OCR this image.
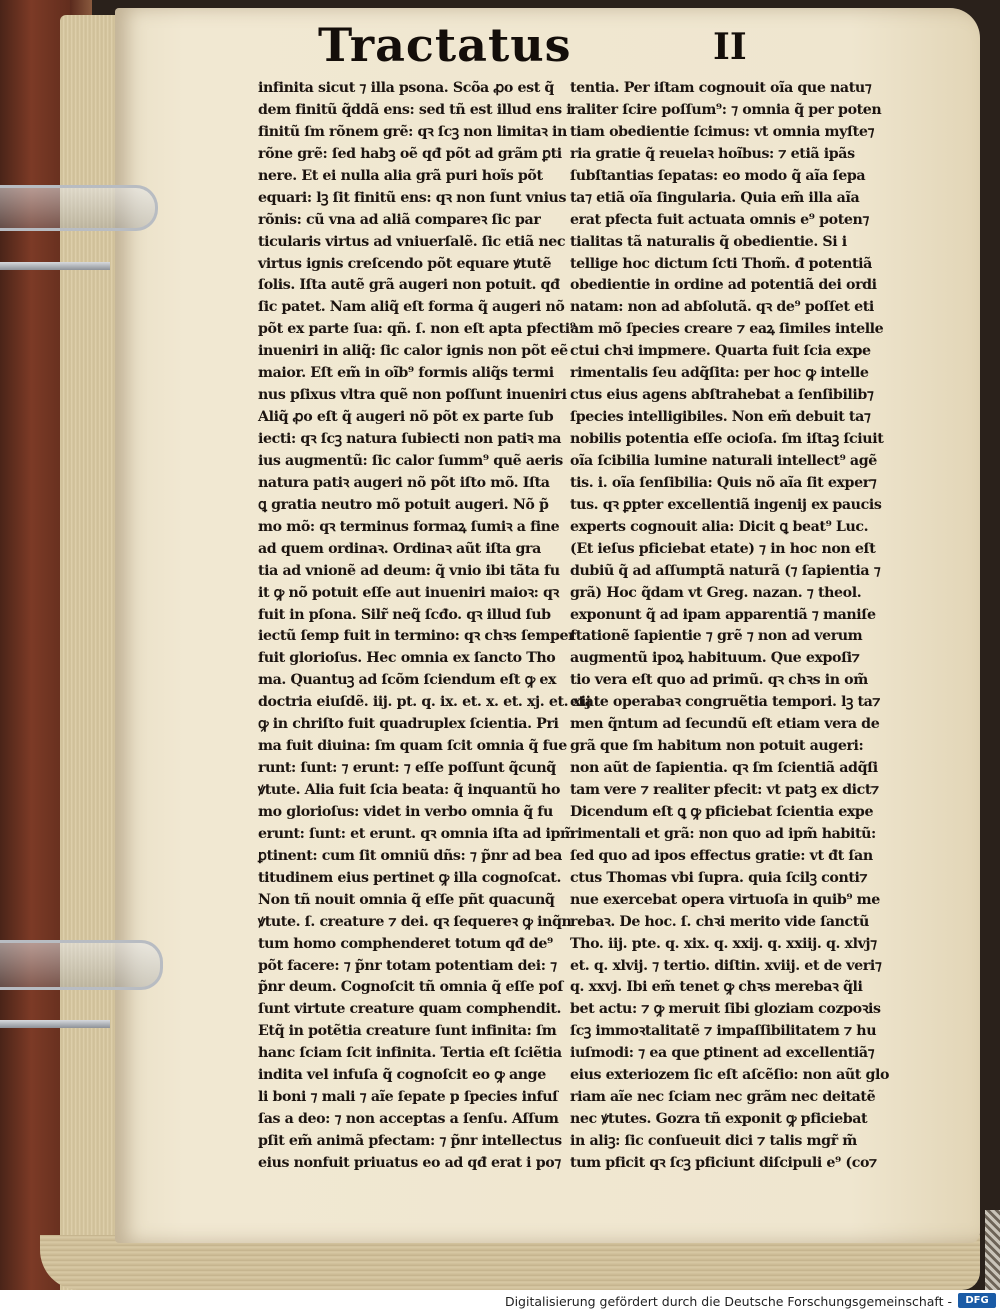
Tractatus	II
infinita sicut ⁊ illa psona. Scõa ꝓo est q̃
dem finitũ q̃ddã ens: sed tñ est illud ens i
finitũ ſm rõnem grẽ: qꝛ ſcꝫ non limitaꝛ in
rõne grẽ: ſed habꝫ oẽ qđ põt ad grãm ꝑti
nere. Et ei nulla alia grã puri hoĩs põt
equari: lꝫ ſit finitũ ens: qꝛ non ſunt vnius
rõnis: cũ vna ad aliã compareꝛ ſic par
ticularis virtus ad vniuerſalẽ. ſic etiã nec
virtus ignis creſcendo põt equare ꝟtutẽ
ſolis. Iſta autẽ grã augeri non potuit. qđ
ſic patet. Nam aliq̃ eſt forma q̃ augeri nõ
põt ex parte ſua: qñ. ſ. non eſt apta pfecti⁹
inueniri in aliq̃: ſic calor ignis non põt eẽ
maior. Eſt em̃ in oĩb⁹ formis aliq̃s termi
nus pſixus vltra quẽ non poſſunt inueniri
Aliq̃ ꝓo eſt q̃ augeri nõ põt ex parte ſub
iecti: qꝛ ſcꝫ natura ſubiecti non patiꝛ ma
ius augmentũ: ſic calor ſumm⁹ quẽ aeris
natura patiꝛ augeri nõ põt iſto mõ. Iſta
ꝗ gratia neutro mõ potuit augeri. Nõ p̃
mo mõ: qꝛ terminus formaꝝ ſumiꝛ a fine
ad quem ordinaꝛ. Ordinaꝛ aũt iſta gra
tia ad vnionẽ ad deum: q̃ vnio ibi tãta fu
it ꝙ nõ potuit eſſe aut inueniri maioꝛ: qꝛ
fuit in pſona. Silr̃ neq̃ ſcđo. qꝛ illud ſub
iectũ ſemp fuit in termino: qꝛ chꝛs ſemper
fuit glorioſus. Hec omnia ex ſancto Tho
ma. Quantuꝫ ad ſcõm ſciendum eſt ꝙ ex
doctria eiuſdẽ. iij. pt. q. ix. et. x. et. xj. et. xij
ꝙ in chriſto fuit quadruplex ſcientia. Pri
ma fuit diuina: ſm quam ſcit omnia q̃ fue
runt: ſunt: ⁊ erunt: ⁊ eſſe poſſunt q̃cunq̃
ꝟtute. Alia fuit ſcia beata: q̃ inquantũ ho
mo glorioſus: videt in verbo omnia q̃ fu
erunt: ſunt: et erunt. qꝛ omnia iſta ad ipm̃
ꝑtinent: cum ſit omniũ dñs: ⁊ p̃nr ad bea
titudinem eius pertinet ꝙ illa cognoſcat.
Non tñ nouit omnia q̃ eſſe pñt quacunq̃
ꝟtute. ſ. creature ⁊ dei. qꝛ ſequereꝛ ꝙ inq̃n
tum homo comphenderet totum qđ de⁹
põt facere: ⁊ p̃nr totam potentiam dei: ⁊
p̃nr deum. Cognoſcit tñ omnia q̃ eſſe poſ
ſunt virtute creature quam comphendit.
Etq̃ in potẽtia creature ſunt infinita: ſm
hanc ſciam ſcit infinita. Tertia eſt ſciẽtia
indita vel infuſa q̃ cognoſcit eo ꝙ ange
li boni ⁊ mali ⁊ aĩe ſepate p ſpecies infuſ
ſas a deo: ⁊ non acceptas a ſenſu. Aſſum
pſit em̃ animã pfectam: ⁊ p̃nr intellectus
eius nonfuit priuatus eo ad qđ erat i po⁊
tentia. Per iſtam cognouit oĩa que natu⁊
raliter ſcire poſſum⁹: ⁊ omnia q̃ per poten
tiam obedientie ſcimus: vt omnia myſte⁊
ria gratie q̃ reuelaꝛ hoĩbus: ⁊ etiã ipãs
ſubſtantias ſepatas: eo modo q̃ aĩa ſepa
ta⁊ etiã oĩa ſingularia. Quia em̃ illa aĩa
erat pfecta fuit actuata omnis e⁹ poten⁊
tialitas tã naturalis q̃ obedientie. Si i
tellige hoc dictum ſcti Thom̃. đ potentiã
obedientie in ordine ad potentiã dei ordi
natam: non ad abſolutã. qꝛ de⁹ poſſet eti
am mõ ſpecies creare ⁊ eaꝝ ſimiles intelle
ctui chꝛi impmere. Quarta fuit ſcia expe
rimentalis ſeu adq̃ſita: per hoc ꝙ intelle
ctus eius agens abſtrahebat a ſenſibilib⁊
ſpecies intelligibiles. Non em̃ debuit ta⁊
nobilis potentia eſſe ocioſa. ſm iſtaꝫ ſciuit
oĩa ſcibilia lumine naturali intellect⁹ agẽ
tis. i. oĩa ſenſibilia: Quis nõ aĩa ſit exper⁊
tus. qꝛ ꝑpter excellentiã ingenij ex paucis
experts cognouit alia: Dicit ꝗ beat⁹ Luc.
(Et ieſus pficiebat etate) ⁊ in hoc non eſt
dubiũ q̃ ad aſſumptã naturã (⁊ ſapientia ⁊
grã) Hoc q̃dam vt Greg. nazan. ⁊ theol.
exponunt q̃ ad ipam apparentiã ⁊ maniſe
ſtationẽ ſapientie ⁊ grẽ ⁊ non ad verum
augmentũ ipoꝝ habituum. Que expoſi⁊
tio vera eſt quo ad primũ. qꝛ chꝛs in om̃
etate operabaꝛ congruẽtia tempori. lꝫ ta⁊
men q̃ntum ad ſecundũ eſt etiam vera de
grã que ſm habitum non potuit augeri:
non aũt de ſapientia. qꝛ ſm ſcientiã adq̃ſi
tam vere ⁊ realiter pfecit: vt patꝫ ex dict⁊
Dicendum eſt ꝗ ꝙ pficiebat ſcientia expe
rimentali et grã: non quo ad ipm̃ habitũ:
ſed quo ad ipos effectus gratie: vt đt ſan
ctus Thomas vbi ſupra. quia ſcilꝫ conti⁊
nue exercebat opera virtuoſa in quib⁹ me
rebaꝛ. De hoc. ſ. chꝛi merito vide ſanctũ
Tho. iij. pte. q. xix. q. xxij. q. xxiij. q. xlvj⁊
et. q. xlvij. ⁊ tertio. diſtin. xviij. et de veri⁊
q. xxvj. Ibi em̃ tenet ꝙ chꝛs merebaꝛ q̃li
bet actu: ⁊ ꝙ meruit ſibi gloziam cozpoꝛis
ſcꝫ immoꝛtalitatẽ ⁊ impaſſibilitatem ⁊ hu
iuſmodi: ⁊ ea que ꝑtinent ad excellentiã⁊
eius exteriozem ſic eſt aſcẽſio: non aũt glo
riam aĩe nec ſciam nec grãm nec deitatẽ
nec ꝟtutes. Gozra tñ exponit ꝙ pficiebat
in aliꝫ: ſic conſueuit dici ⁊ talis mgr̃ m̃
tum pficit qꝛ ſcꝫ pficiunt diſcipuli e⁹ (co⁊
Digitalisierung gefördert durch die Deutsche Forschungsgemeinschaft -	DFG
